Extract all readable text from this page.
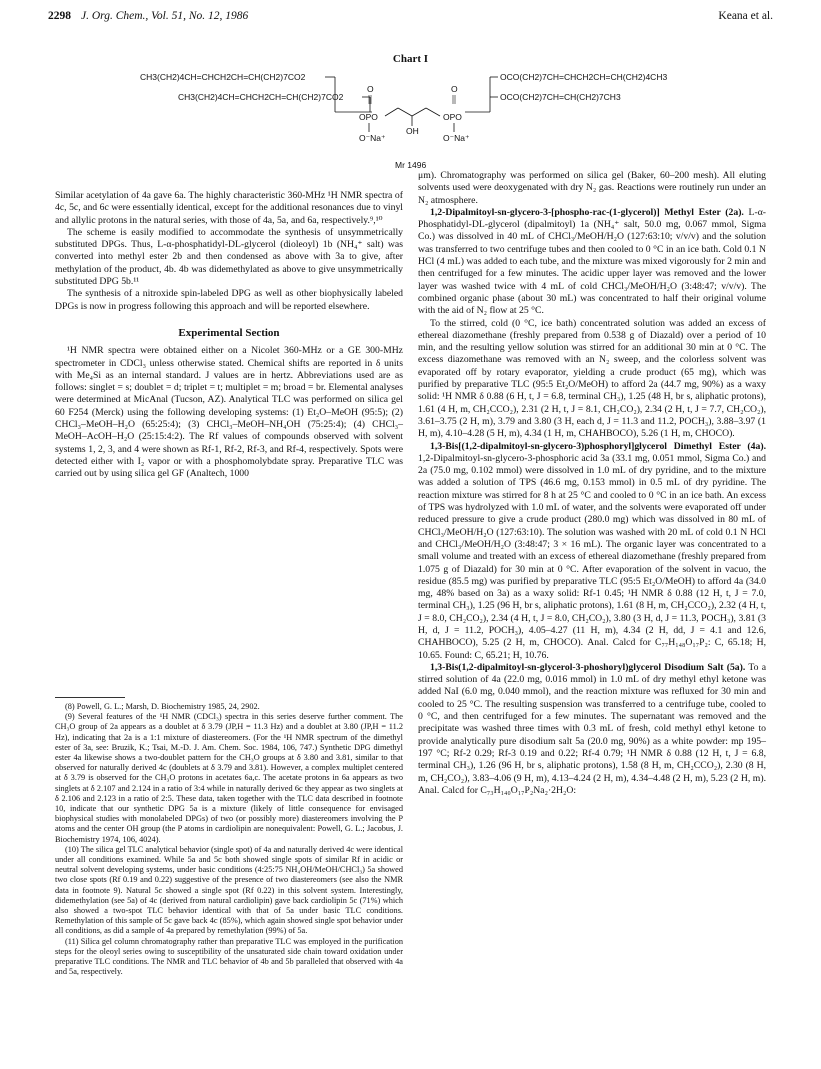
2298 J. Org. Chem., Vol. 51, No. 12, 1986	Keana et al.
Chart I
CH3(CH2)4CH=CHCH2CH=CH(CH2)7CO2
CH3(CH2)4CH=CHCH2CH=CH(CH2)7CO2
O
OPO
O⁻Na⁺
OH
OPO
O
O⁻Na⁺
OCO(CH2)7CH=CHCH2CH=CH(CH2)4CH3
OCO(CH2)7CH=CH(CH2)7CH3
Mr 1496

Similar acetylation of 4a gave 6a. The highly characteristic 360-MHz ¹H NMR spectra of 4c, 5c, and 6c were essentially identical, except for the additional resonances due to vinyl and allylic protons in the natural series, with those of 4a, 5a, and 6a, respectively.⁹,¹⁰

The scheme is easily modified to accommodate the synthesis of unsymmetrically substituted DPGs. Thus, L-α-phosphatidyl-DL-glycerol (dioleoyl) 1b (NH₄⁺ salt) was converted into methyl ester 2b and then condensed as above with 3a to give, after methylation of the product, 4b. 4b was didemethylated as above to give unsymmetrically substituted DPG 5b.¹¹

The synthesis of a nitroxide spin-labeled DPG as well as other biophysically labeled DPGs is now in progress following this approach and will be reported elsewhere.

Experimental Section

¹H NMR spectra were obtained either on a Nicolet 360-MHz or a GE 300-MHz spectrometer in CDCl₃ unless otherwise stated. Chemical shifts are reported in δ units with Me₄Si as an internal standard. J values are in hertz. Abbreviations used are as follows: singlet = s; doublet = d; triplet = t; multiplet = m; broad = br. Elemental analyses were determined at MicAnal (Tucson, AZ). Analytical TLC was performed on silica gel 60 F254 (Merck) using the following developing systems: (1) Et₂O–MeOH (95:5); (2) CHCl₃–MeOH–H₂O (65:25:4); (3) CHCl₃–MeOH–NH₄OH (75:25:4); (4) CHCl₃–MeOH–AcOH–H₂O (25:15:4:2). The Rf values of compounds observed with solvent systems 1, 2, 3, and 4 were shown as Rf-1, Rf-2, Rf-3, and Rf-4, respectively. Spots were detected either with I₂ vapor or with a phosphomolybdate spray. Preparative TLC was carried out by using silica gel GF (Analtech, 1000

(8) Powell, G. L.; Marsh, D. Biochemistry 1985, 24, 2902.

(9) Several features of the ¹H NMR (CDCl₃) spectra in this series deserve further comment. The CH₃O group of 2a appears as a doublet at δ 3.79 (JP,H = 11.3 Hz) and a doublet at 3.80 (JP,H = 11.2 Hz), indicating that 2a is a 1:1 mixture of diastereomers. (For the ¹H NMR spectrum of the dimethyl ester of 3a, see: Bruzik, K.; Tsai, M.-D. J. Am. Chem. Soc. 1984, 106, 747.) Synthetic DPG dimethyl ester 4a likewise shows a two-doublet pattern for the CH₃O groups at δ 3.80 and 3.81, similar to that observed for naturally derived 4c (doublets at δ 3.79 and 3.81). However, a complex multiplet centered at δ 3.79 is observed for the CH₃O protons in acetates 6a,c. The acetate protons in 6a appears as two singlets at δ 2.107 and 2.124 in a ratio of 3:4 while in naturally derived 6c they appear as two singlets at δ 2.106 and 2.123 in a ratio of 2:5. These data, taken together with the TLC data described in footnote 10, indicate that our synthetic DPG 5a is a mixture (likely of little consequence for envisaged biophysical studies with monolabeled DPGs) of two (or possibly more) diastereomers involving the P atoms and the center OH group (the P atoms in cardiolipin are nonequivalent: Powell, G. L.; Jacobus, J. Biochemistry 1974, 106, 4024).

(10) The silica gel TLC analytical behavior (single spot) of 4a and naturally derived 4c were identical under all conditions examined. While 5a and 5c both showed single spots of similar Rf in acidic or neutral solvent developing systems, under basic conditions (4:25:75 NH₄OH/MeOH/CHCl₃) 5a showed two close spots (Rf 0.19 and 0.22) suggestive of the presence of two diastereomers (see also the NMR data in footnote 9). Natural 5c showed a single spot (Rf 0.22) in this solvent system. Interestingly, didemethylation (see 5a) of 4c (derived from natural cardiolipin) gave back cardiolipin 5c (71%) which also showed a two-spot TLC behavior identical with that of 5a under basic TLC conditions. Remethylation of this sample of 5c gave back 4c (85%), which again showed single spot behavior under all conditions, as did a sample of 4a prepared by remethylation (99%) of 5a.

(11) Silica gel column chromatography rather than preparative TLC was employed in the purification steps for the oleoyl series owing to susceptibility of the unsaturated side chain toward oxidation under preparative TLC conditions. The NMR and TLC behavior of 4b and 5b paralleled that observed with 4a and 5a, respectively.

μm). Chromatography was performed on silica gel (Baker, 60–200 mesh). All eluting solvents used were deoxygenated with dry N₂ gas. Reactions were routinely run under an N₂ atmosphere.

1,2-Dipalmitoyl-sn-glycero-3-[phospho-rac-(1-glycerol)] Methyl Ester (2a). L-α-Phosphatidyl-DL-glycerol (dipalmitoyl) 1a (NH₄⁺ salt, 50.0 mg, 0.067 mmol, Sigma Co.) was dissolved in 40 mL of CHCl₃/MeOH/H₂O (127:63:10; v/v/v) and the solution was transferred to two centrifuge tubes and then cooled to 0 °C in an ice bath. Cold 0.1 N HCl (4 mL) was added to each tube, and the mixture was mixed vigorously for 2 min and then centrifuged for a few minutes. The acidic upper layer was removed and the lower layer was washed twice with 4 mL of cold CHCl₃/MeOH/H₂O (3:48:47; v/v/v). The combined organic phase (about 30 mL) was concentrated to half their original volume with the aid of N₂ flow at 25 °C.

To the stirred, cold (0 °C, ice bath) concentrated solution was added an excess of ethereal diazomethane (freshly prepared from 0.538 g of Diazald) over a period of 10 min, and the resulting yellow solution was stirred for an additional 30 min at 0 °C. The excess diazomethane was removed with an N₂ sweep, and the colorless solvent was evaporated off by rotary evaporator, yielding a crude product (65 mg), which was purified by preparative TLC (95:5 Et₂O/MeOH) to afford 2a (44.7 mg, 90%) as a waxy solid: ¹H NMR δ 0.88 (6 H, t, J = 6.8, terminal CH₃), 1.25 (48 H, br s, aliphatic protons), 1.61 (4 H, m, CH₂CCO₂), 2.31 (2 H, t, J = 8.1, CH₂CO₂), 2.34 (2 H, t, J = 7.7, CH₂CO₂), 3.61–3.75 (2 H, m), 3.79 and 3.80 (3 H, each d, J = 11.3 and 11.2, POCH₃), 3.88–3.97 (1 H, m), 4.10–4.28 (5 H, m), 4.34 (1 H, m, CHAHBOCO), 5.26 (1 H, m, CHOCO).

1,3-Bis[(1,2-dipalmitoyl-sn-glycero-3)phosphoryl]glycerol Dimethyl Ester (4a). 1,2-Dipalmitoyl-sn-glycero-3-phosphoric acid 3a (33.1 mg, 0.051 mmol, Sigma Co.) and 2a (75.0 mg, 0.102 mmol) were dissolved in 1.0 mL of dry pyridine, and to the mixture was added a solution of TPS (46.6 mg, 0.153 mmol) in 0.5 mL of dry pyridine. The reaction mixture was stirred for 8 h at 25 °C and cooled to 0 °C in an ice bath. An excess of TPS was hydrolyzed with 1.0 mL of water, and the solvents were evaporated off under reduced pressure to give a crude product (280.0 mg) which was dissolved in 80 mL of CHCl₃/MeOH/H₂O (127:63:10). The solution was washed with 20 mL of cold 0.1 N HCl and CHCl₃/MeOH/H₂O (3:48:47; 3 × 16 mL). The organic layer was concentrated to a small volume and treated with an excess of ethereal diazomethane (freshly prepared from 1.075 g of Diazald) for 30 min at 0 °C. After evaporation of the solvent in vacuo, the residue (85.5 mg) was purified by preparative TLC (95:5 Et₂O/MeOH) to afford 4a (34.0 mg, 48% based on 3a) as a waxy solid: Rf-1 0.45; ¹H NMR δ 0.88 (12 H, t, J = 7.0, terminal CH₃), 1.25 (96 H, br s, aliphatic protons), 1.61 (8 H, m, CH₂CCO₂), 2.32 (4 H, t, J = 8.0, CH₂CO₂), 2.34 (4 H, t, J = 8.0, CH₂CO₂), 3.80 (3 H, d, J = 11.3, POCH₃), 3.81 (3 H, d, J = 11.2, POCH₃), 4.05–4.27 (11 H, m), 4.34 (2 H, dd, J = 4.1 and 12.6, CHAHBOCO), 5.25 (2 H, m, CHOCO). Anal. Calcd for C₇₇H₁₄₈O₁₇P₂: C, 65.18; H, 10.65. Found: C, 65.21; H, 10.76.

1,3-Bis(1,2-dipalmitoyl-sn-glycerol-3-phoshoryl)glycerol Disodium Salt (5a). To a stirred solution of 4a (22.0 mg, 0.016 mmol) in 1.0 mL of dry methyl ethyl ketone was added NaI (6.0 mg, 0.040 mmol), and the reaction mixture was refluxed for 30 min and cooled to 25 °C. The resulting suspension was transferred to a centrifuge tube, cooled to 0 °C, and then centrifuged for a few minutes. The supernatant was removed and the precipitate was washed three times with 0.3 mL of fresh, cold methyl ethyl ketone to provide analytically pure disodium salt 5a (20.0 mg, 90%) as a white powder: mp 195–197 °C; Rf-2 0.29; Rf-3 0.19 and 0.22; Rf-4 0.79; ¹H NMR δ 0.88 (12 H, t, J = 6.8, terminal CH₃), 1.26 (96 H, br s, aliphatic protons), 1.58 (8 H, m, CH₂CCO₂), 2.30 (8 H, m, CH₂CO₂), 3.83–4.06 (9 H, m), 4.13–4.24 (2 H, m), 4.34–4.48 (2 H, m), 5.23 (2 H, m). Anal. Calcd for C₇₃H₁₄₀O₁₇P₂Na₂·2H₂O:
